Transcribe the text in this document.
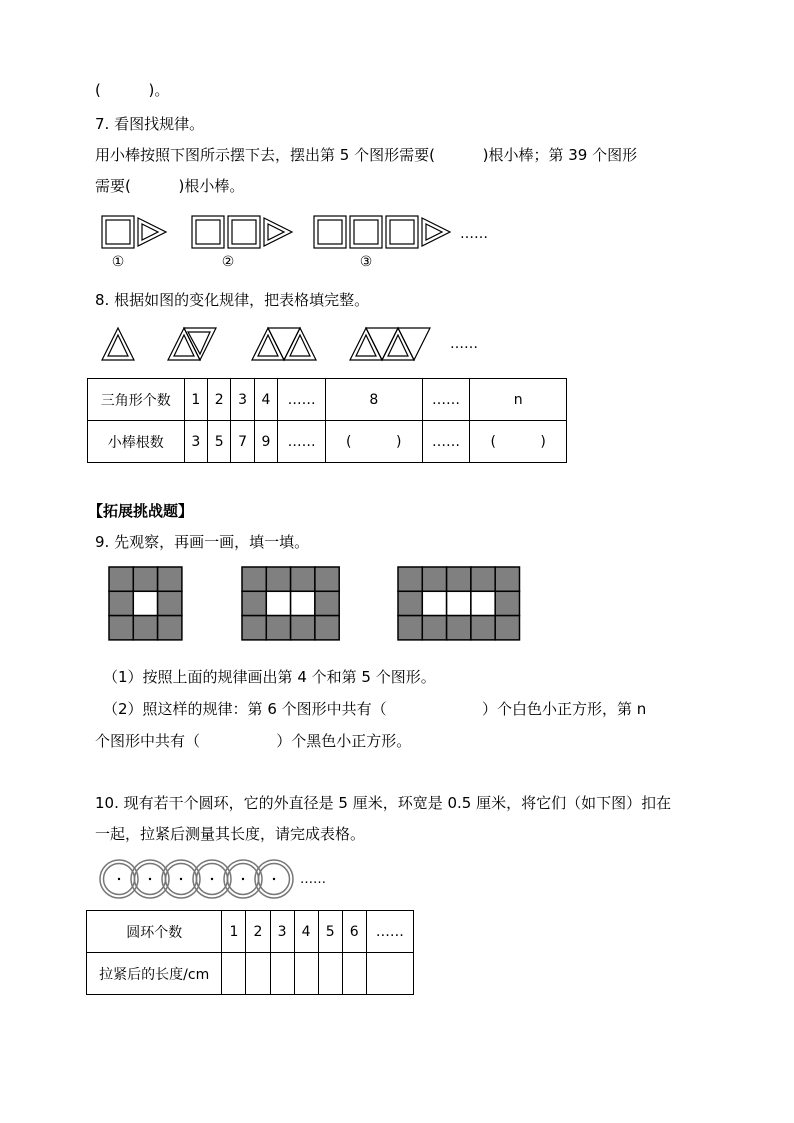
(          )。
7. 看图找规律。
用小棒按照下图所示摆下去，摆出第 5 个图形需要(          )根小棒；第 39 个图形
需要(          )根小棒。
①	②	③
……
8. 根据如图的变化规律，把表格填完整。
……
三角形个数	1	2	3	4	……	8	……	n
小棒根数	3	5	7	9	……	(          )	……	(          )
【拓展挑战题】
9. 先观察，再画一画，填一填。
（1）按照上面的规律画出第 4 个和第 5 个图形。
（2）照这样的规律：第 6 个图形中共有（                    ）个白色小正方形，第 n
个图形中共有（                ）个黑色小正方形。
10. 现有若干个圆环，它的外直径是 5 厘米，环宽是 0.5 厘米，将它们（如下图）扣在
一起，拉紧后测量其长度，请完成表格。
……
圆环个数	1	2	3	4	5	6	……
拉紧后的长度/cm							
